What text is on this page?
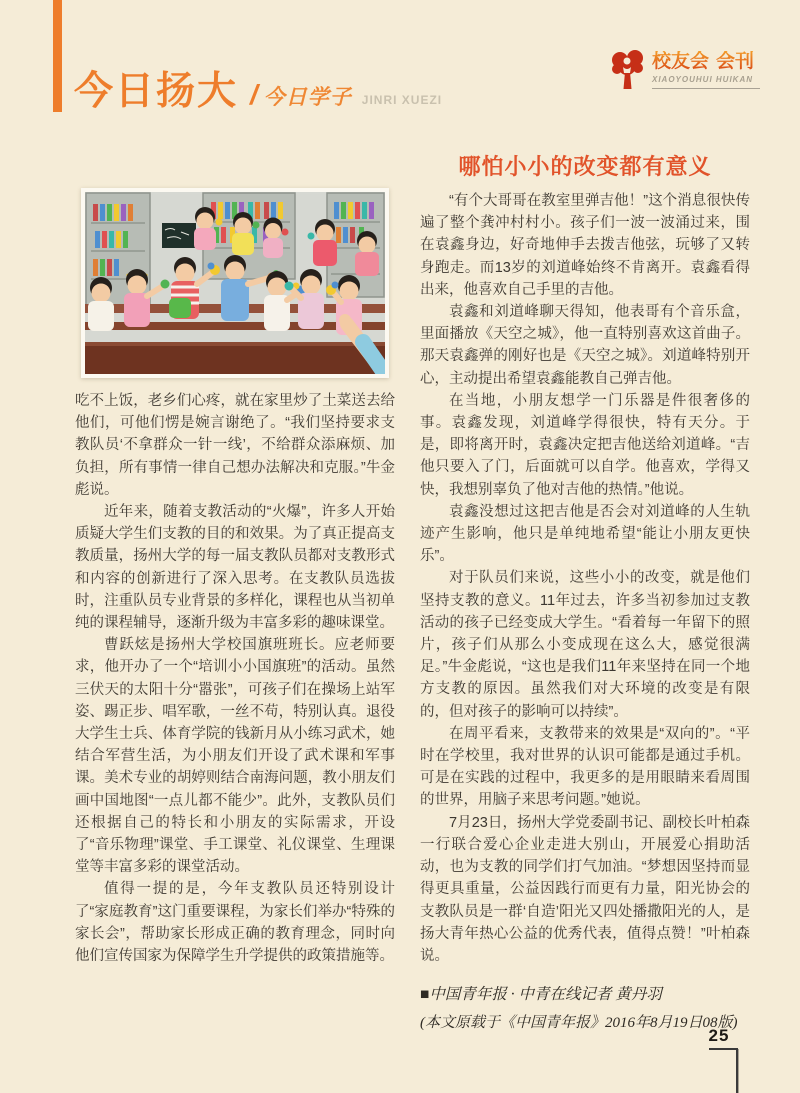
今日扬大 / 今日学子 JINRI XUEZI
校友会 会刊
XIAOYOUHUI HUIKAN

吃不上饭，老乡们心疼，就在家里炒了土菜送去给他们，可他们愣是婉言谢绝了。“我们坚持要求支教队员‘不拿群众一针一线’，不给群众添麻烦、加负担，所有事情一律自己想办法解决和克服。”牛金彪说。

近年来，随着支教活动的“火爆”，许多人开始质疑大学生们支教的目的和效果。为了真正提高支教质量，扬州大学的每一届支教队员都对支教形式和内容的创新进行了深入思考。在支教队员选拔时，注重队员专业背景的多样化，课程也从当初单纯的课程辅导，逐渐升级为丰富多彩的趣味课堂。

曹跃炫是扬州大学校国旗班班长。应老师要求，他开办了一个“培训小小国旗班”的活动。虽然三伏天的太阳十分“嚣张”，可孩子们在操场上站军姿、踢正步、唱军歌，一丝不苟，特别认真。退役大学生士兵、体育学院的钱新月从小练习武术，她结合军营生活，为小朋友们开设了武术课和军事课。美术专业的胡婷则结合南海问题，教小朋友们画中国地图“一点儿都不能少”。此外，支教队员们还根据自己的特长和小朋友的实际需求，开设了“音乐物理”课堂、手工课堂、礼仪课堂、生理课堂等丰富多彩的课堂活动。

值得一提的是，今年支教队员还特别设计了“家庭教育”这门重要课程，为家长们举办“特殊的家长会”，帮助家长形成正确的教育理念，同时向他们宣传国家为保障学生升学提供的政策措施等。

哪怕小小的改变都有意义

“有个大哥哥在教室里弹吉他！”这个消息很快传遍了整个龚冲村村小。孩子们一波一波涌过来，围在袁鑫身边，好奇地伸手去拨吉他弦，玩够了又转身跑走。而13岁的刘道峰始终不肯离开。袁鑫看得出来，他喜欢自己手里的吉他。

袁鑫和刘道峰聊天得知，他表哥有个音乐盒，里面播放《天空之城》，他一直特别喜欢这首曲子。那天袁鑫弹的刚好也是《天空之城》。刘道峰特别开心，主动提出希望袁鑫能教自己弹吉他。

在当地，小朋友想学一门乐器是件很奢侈的事。袁鑫发现，刘道峰学得很快，特有天分。于是，即将离开时，袁鑫决定把吉他送给刘道峰。“吉他只要入了门，后面就可以自学。他喜欢，学得又快，我想别辜负了他对吉他的热情。”他说。

袁鑫没想过这把吉他是否会对刘道峰的人生轨迹产生影响，他只是单纯地希望“能让小朋友更快乐”。

对于队员们来说，这些小小的改变，就是他们坚持支教的意义。11年过去，许多当初参加过支教活动的孩子已经变成大学生。“看着每一年留下的照片，孩子们从那么小变成现在这么大，感觉很满足。”牛金彪说，“这也是我们11年来坚持在同一个地方支教的原因。虽然我们对大环境的改变是有限的，但对孩子的影响可以持续”。

在周平看来，支教带来的效果是“双向的”。“平时在学校里，我对世界的认识可能都是通过手机。可是在实践的过程中，我更多的是用眼睛来看周围的世界，用脑子来思考问题。”她说。

7月23日，扬州大学党委副书记、副校长叶柏森一行联合爱心企业走进大别山，开展爱心捐助活动，也为支教的同学们打气加油。“梦想因坚持而显得更具重量，公益因践行而更有力量，阳光协会的支教队员是一群‘自造’阳光又四处播撒阳光的人，是扬大青年热心公益的优秀代表，值得点赞！”叶柏森说。

■中国青年报 · 中青在线记者 黄丹羽

(本文原载于《中国青年报》2016年8月19日08版)

25
